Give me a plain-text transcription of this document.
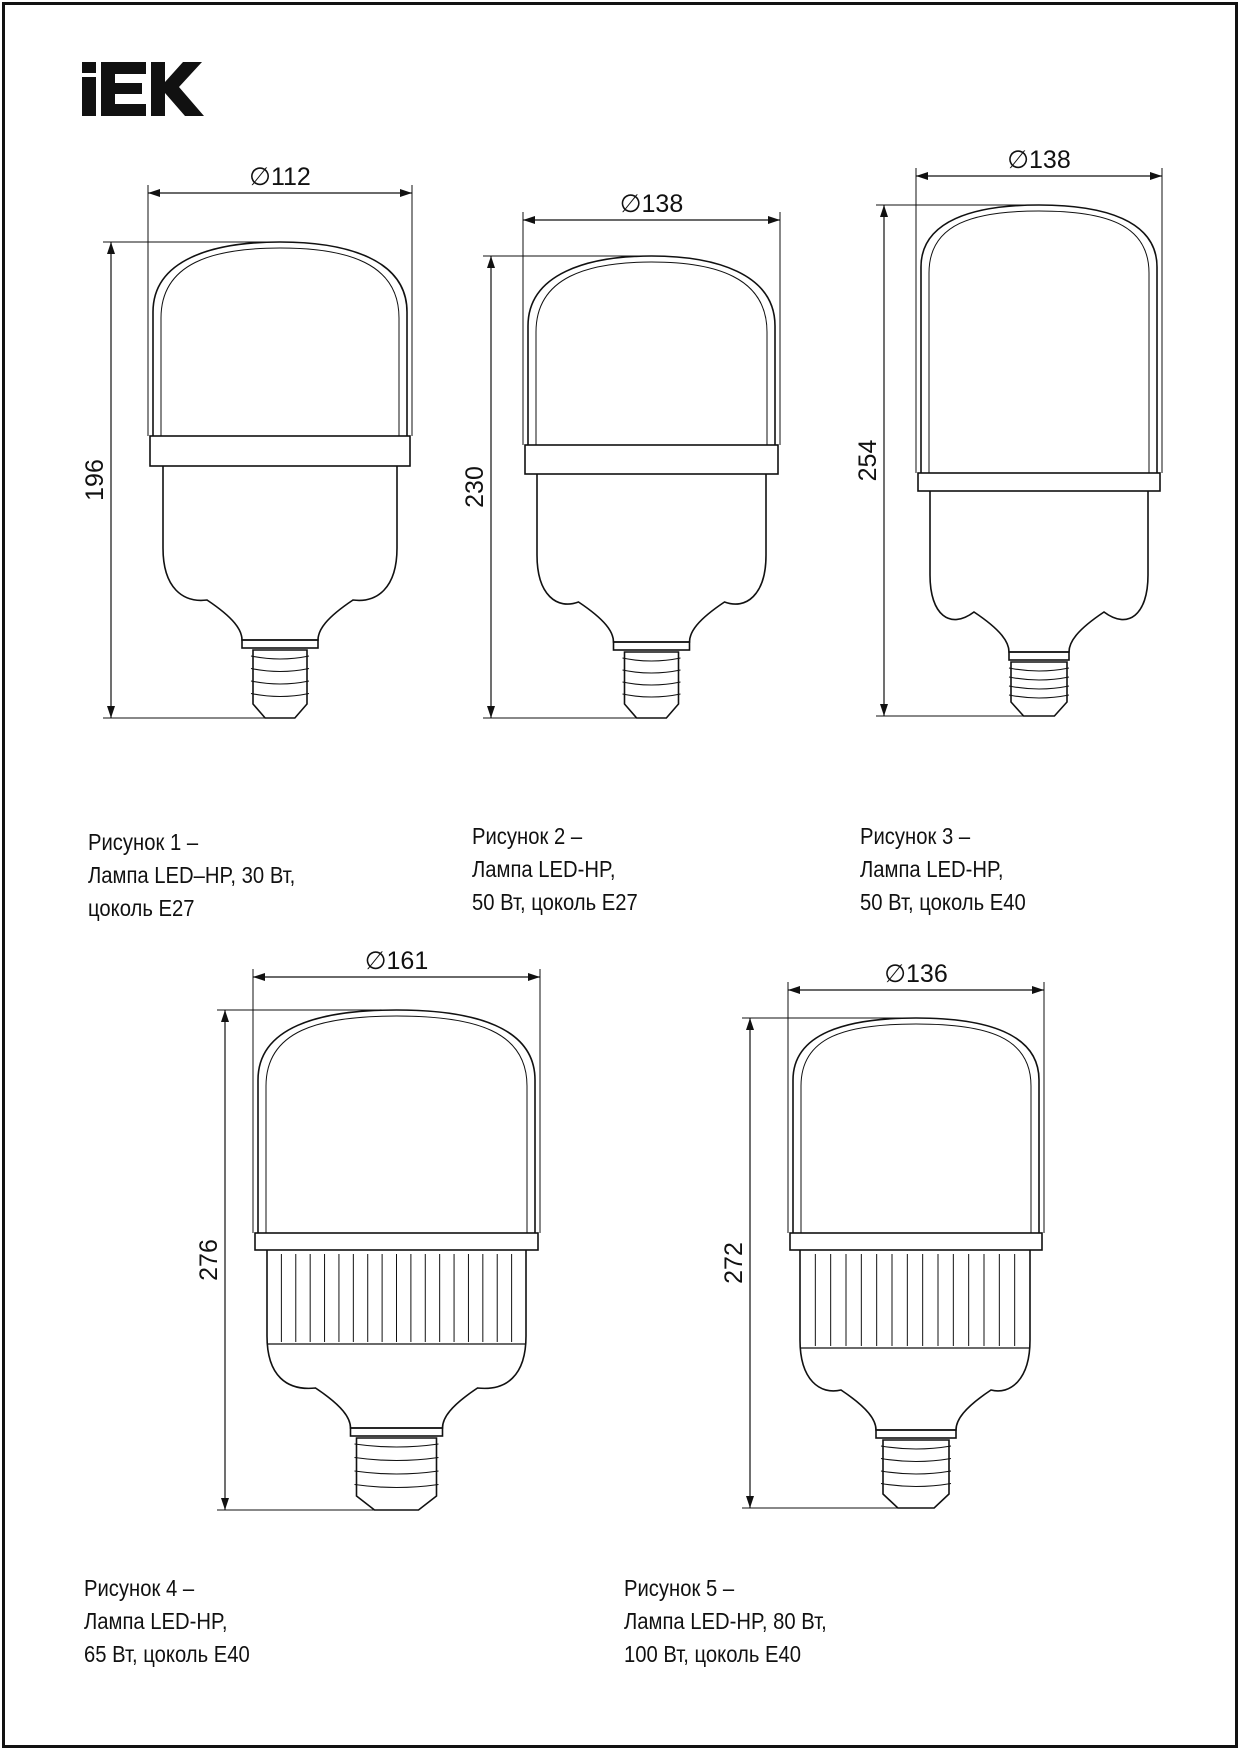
∅112
196
∅138
230
∅138
254
∅161
276
∅136
272
Рисунок 1 –
Лампа LED–HP, 30 Вт,
цоколь E27
Рисунок 2 –
Лампа LED-HP,
50 Вт, цоколь E27
Рисунок 3 –
Лампа LED-HP,
50 Вт, цоколь E40
Рисунок 4 –
Лампа LED-HP,
65 Вт, цоколь E40
Рисунок 5 –
Лампа LED-HP, 80 Вт,
100 Вт, цоколь E40
